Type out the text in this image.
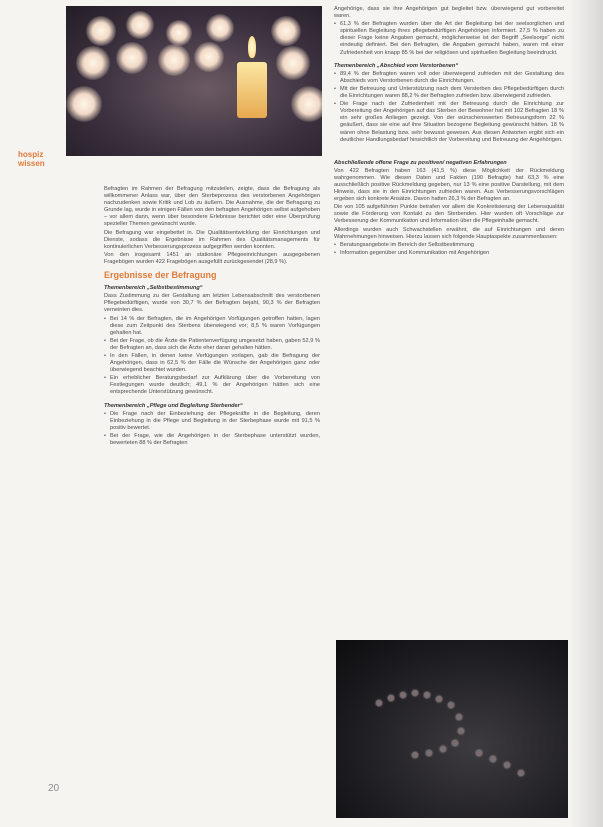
hospiz
wissen

Befragten im Rahmen der Befragung mitzuteilen, zeigte, dass die Befragung als willkommener Anlass war, über den Sterbeprozess des verstorbenen Angehörigen nachzudenken sowie Kritik und Lob zu äußern. Die Ausnahme, die der Befragung zu Grunde lag, wurde in einigen Fällen von den befragten Angehörigen selbst aufgehoben – vor allem dann, wenn über besondere Erlebnisse berichtet oder eine Überprüfung spezieller Themen gewünscht wurde.

Die Befragung war eingebettet in. Die Qualitätsentwicklung der Einrichtungen und Dienste, sodass die Ergebnisse im Rahmen des Qualitätsmanagements für kontinuierlichen Verbesserungsprozess aufgegriffen werden konnten.

Von den insgesamt 1451 an stationäre Pflegeeinrichtungen ausgegebenen Fragebögen wurden 422 Fragebögen ausgefüllt zurückgesendet (28,9 %).

Ergebnisse der Befragung
Themenbereich „Selbstbestimmung“

Dass Zustimmung zu der Gestaltung am letzten Lebensabschnitt des verstorbenen Pflegebedürftigen, wurde von 30,7 % der Befragten bejaht, 90,3 % der Befragten verneinten dies.

• Bei 14 % der Befragten, die im Angehörigen Vorfügungen getroffen hatten, lagen diese zum Zeitpunkt des Sterbens überwiegend vor; 8,5 % waren Vorfügungen gehalten hat.

• Bei der Frage, ob die Ärzte die Patientenverfügung umgesetzt haben, gaben 52,9 % der Befragten an, dass sich die Ärzte eher daran gehalten hätten.

• In den Fällen, in denen keine Verfügungen vorlagen, gab die Befragung der Angehörigen, dass in 62,5 % der Fälle die Wünsche der Angehörigen ganz oder überwiegend beachtet wurden.

• Ein erheblicher Beratungsbedarf zur Aufklärung über die Vorbereitung von Festlegungen wurde deutlich; 49,1 % der Angehörigen hätten sich eine entsprechende Unterstützung gewünscht.

Themenbereich „Pflege und Begleitung Sterbender“

• Die Frage nach der Einbeziehung der Pflegekräfte in die Begleitung, deren Einbeziehung in die Pflege und Begleitung in der Sterbephase wurde mit 91,5 % positiv bewertet.

• Bei der Frage, wie die Angehörigen in der Sterbephase unterstützt wurden, bewerteten 88 % der Befragten

Angehörige, dass sie ihre Angehörigen gut begleitet bzw. überwiegend gut vorbereitet waren.

• 61,3 % der Befragten wurden über die Art der Begleitung bei der seelsorglichen und spirituellen Begleitung ihres pflegebedürftigen Angehörigen informiert. 27,5 % haben zu dieser Frage keine Angaben gemacht, möglicherweise ist der Begriff „Seelsorge“ nicht eindeutig definiert. Bei den Befragten, die Angaben gemacht haben, waren mit einer Zufriedenheit von knapp 85 % bei der religiösen und spirituellen Begleitung beeindruckt.

Themenbereich „Abschied vom Verstorbenen“

• 89,4 % der Befragten waren voll oder überwiegend zufrieden mit der Gestaltung des Abschieds vom Verstorbenen durch die Einrichtungen.

• Mit der Betreuung und Unterstützung nach dem Versterben des Pflegebedürftigen durch die Einrichtungen waren 88,2 % der Befragten zufrieden bzw. überwiegend zufrieden.

• Die Frage nach der Zufriedenheit mit der Betreuung durch die Einrichtung zur Vorbereitung der Angehörigen auf das Sterben der Bewohner hat mit 102 Befragten 18 % ein sehr großes Anliegen gezeigt. Von der wünschenswerten Betreuungsform 22 % geäußert, dass sie eine auf ihre Situation bezogene Begleitung gewünscht hätten. 18 % wären ohne Belastung bzw. sehr bewusst gewesen. Aus diesen Antworten ergibt sich ein deutlicher Handlungsbedarf hinsichtlich der Vorbereitung und Betreuung der Angehörigen.

Abschließende offene Frage zu positiven/ negativen Erfahrungen

Von 422 Befragten haben 163 (41,5 %) diese Möglichkeit der Rückmeldung wahrgenommen. Wie diesen Daten und Fakten (190 Befragte) hat 63,3 % eine ausschließlich positive Rückmeldung gegeben, nur 13 % eine positive Darstellung, mit dem Hinweis, dass sie in den Einrichtungen zufrieden waren. Aus Verbesserungsvorschlägen ergeben sich konkrete Ansätze. Davon hatten 26,3 % der Befragten an.

Die von 105 aufgeführten Punkte betrafen vor allem die Konkretisierung der Lebensqualität sowie die Förderung von Kontakt zu den Sterbenden. Hier wurden oft Vorschläge zur Verbesserung der Kommunikation und Information über die Pflegeinhalte gemacht.

Allerdings wurden auch Schwachstellen erwähnt, die auf Einrichtungen und deren Wahrnehmungen hinweisen. Hierzu lassen sich folgende Hauptaspekte zusammenfassen:

• Beratungsangebote im Bereich der Selbstbestimmung

• Information gegenüber und Kommunikation mit Angehörigen

20
